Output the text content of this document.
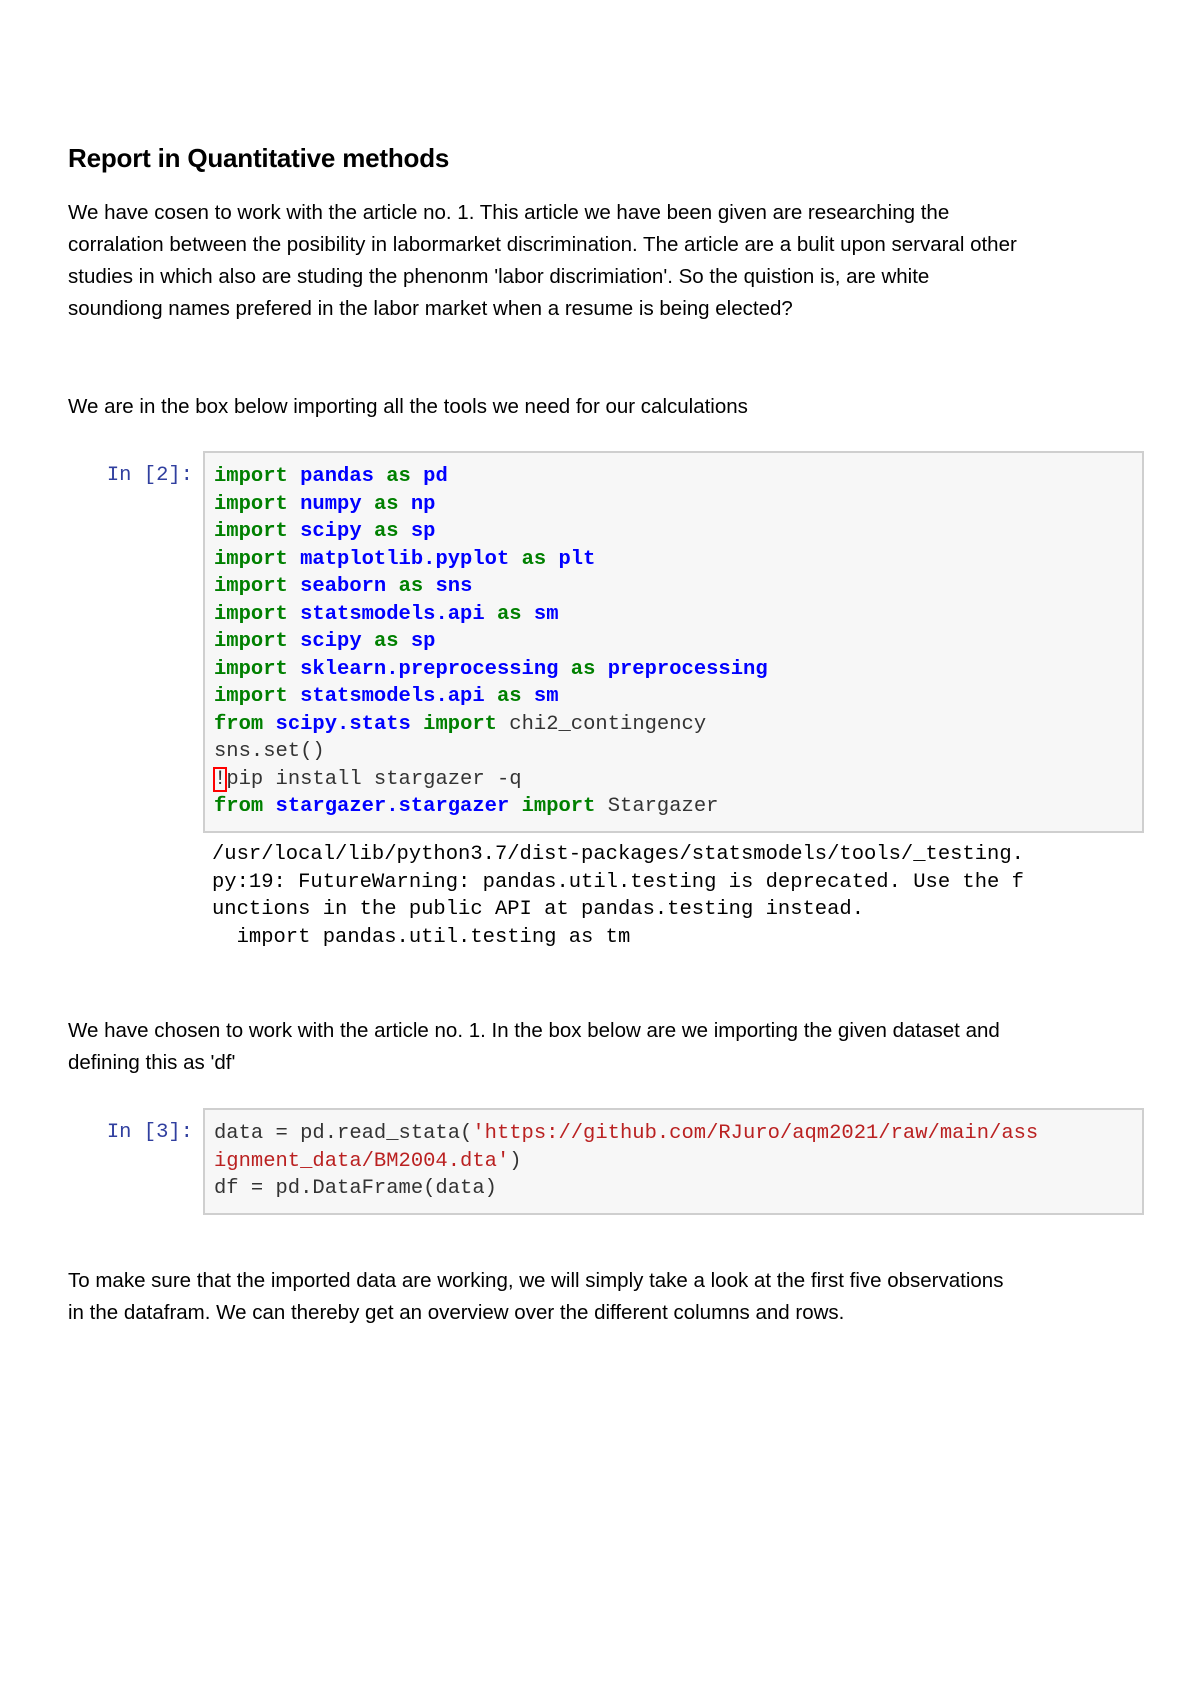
Report in Quantitative methods
We have cosen to work with the article no. 1. This article we have been given are researching the
corralation between the posibility in labormarket discrimination. The article are a bulit upon servaral other
studies in which also are studing the phenonm 'labor discrimiation'. So the quistion is, are white
soundiong names prefered in the labor market when a resume is being elected?
We are in the box below importing all the tools we need for our calculations
In [2]: import pandas as pd
import numpy as np
import scipy as sp
import matplotlib.pyplot as plt
import seaborn as sns
import statsmodels.api as sm
import scipy as sp
import sklearn.preprocessing as preprocessing
import statsmodels.api as sm
from scipy.stats import chi2_contingency
sns.set()
!pip install stargazer -q
from stargazer.stargazer import Stargazer
/usr/local/lib/python3.7/dist-packages/statsmodels/tools/_testing.
py:19: FutureWarning: pandas.util.testing is deprecated. Use the f
unctions in the public API at pandas.testing instead.
import pandas.util.testing as tm
We have chosen to work with the article no. 1. In the box below are we importing the given dataset and
defining this as 'df'
In [3]: data = pd.read_stata('https://github.com/RJuro/aqm2021/raw/main/ass
ignment_data/BM2004.dta')
df = pd.DataFrame(data)
To make sure that the imported data are working, we will simply take a look at the first five observations
in the datafram. We can thereby get an overview over the different columns and rows.
